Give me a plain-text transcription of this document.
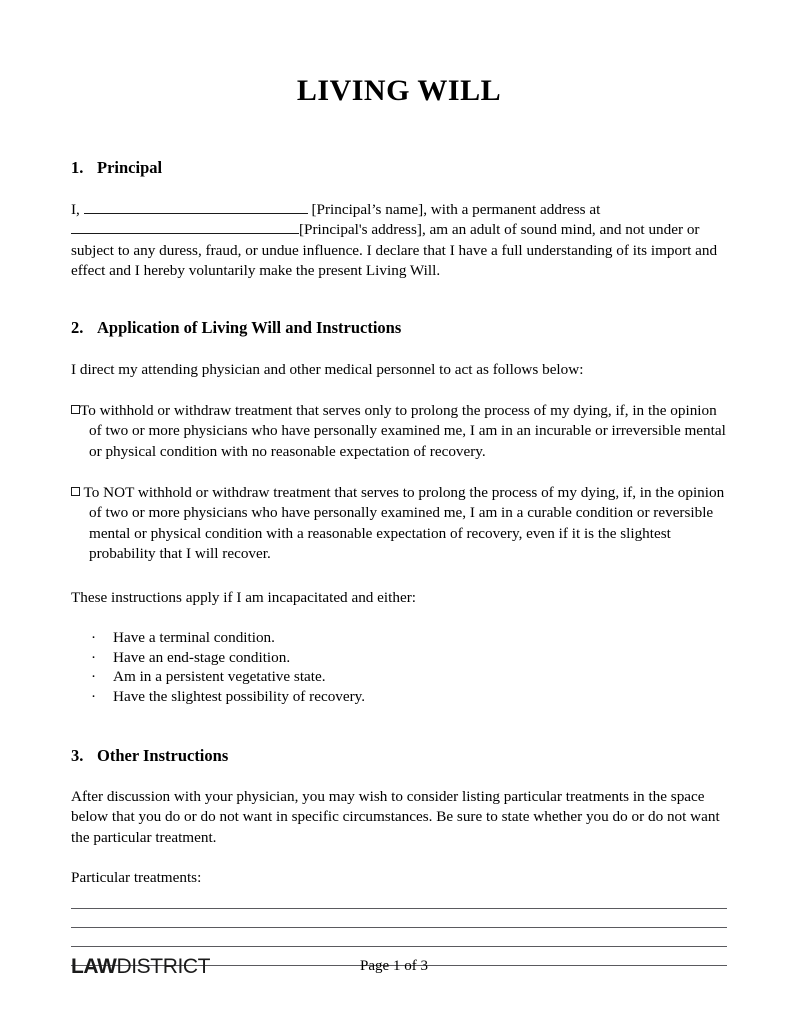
LIVING WILL
1. Principal

I,	[Principal’s name], with a permanent address at
[Principal's address], am an adult of sound mind, and not under or subject to any duress, fraud, or undue influence. I declare that I have a full understanding of its import and effect and I hereby voluntarily make the present Living Will.

2. Application of Living Will and Instructions

I direct my attending physician and other medical personnel to act as follows below:

To withhold or withdraw treatment that serves only to prolong the process of my dying, if, in the opinion of two or more physicians who have personally examined me, I am in an incurable or irreversible mental or physical condition with no reasonable expectation of recovery.

To NOT withhold or withdraw treatment that serves to prolong the process of my dying, if, in the opinion of two or more physicians who have personally examined me, I am in a curable condition or reversible mental or physical condition with a reasonable expectation of recovery, even if it is the slightest probability that I will recover.

These instructions apply if I am incapacitated and either:

· Have a terminal condition.
· Have an end-stage condition.
· Am in a persistent vegetative state.
· Have the slightest possibility of recovery.
3. Other Instructions

After discussion with your physician, you may wish to consider listing particular treatments in the space below that you do or do not want in specific circumstances. Be sure to state whether you do or do not want the particular treatment.

Particular treatments:

LAWDISTRICT	Page 1 of 3
